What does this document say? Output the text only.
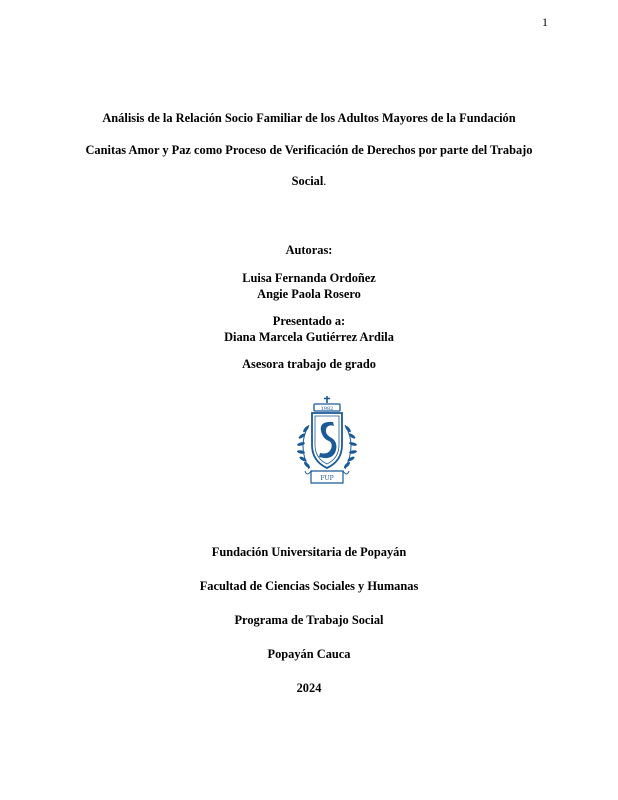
1
Análisis de la Relación Socio Familiar de los Adultos Mayores de la Fundación
Canitas Amor y Paz como Proceso de Verificación de Derechos por parte del Trabajo
Social.
Autoras:
Luisa Fernanda Ordoñez
Angie Paola Rosero
Presentado a:
Diana Marcela Gutiérrez Ardila
Asesora trabajo de grado
1982
FUP
Fundación Universitaria de Popayán
Facultad de Ciencias Sociales y Humanas
Programa de Trabajo Social
Popayán Cauca
2024
